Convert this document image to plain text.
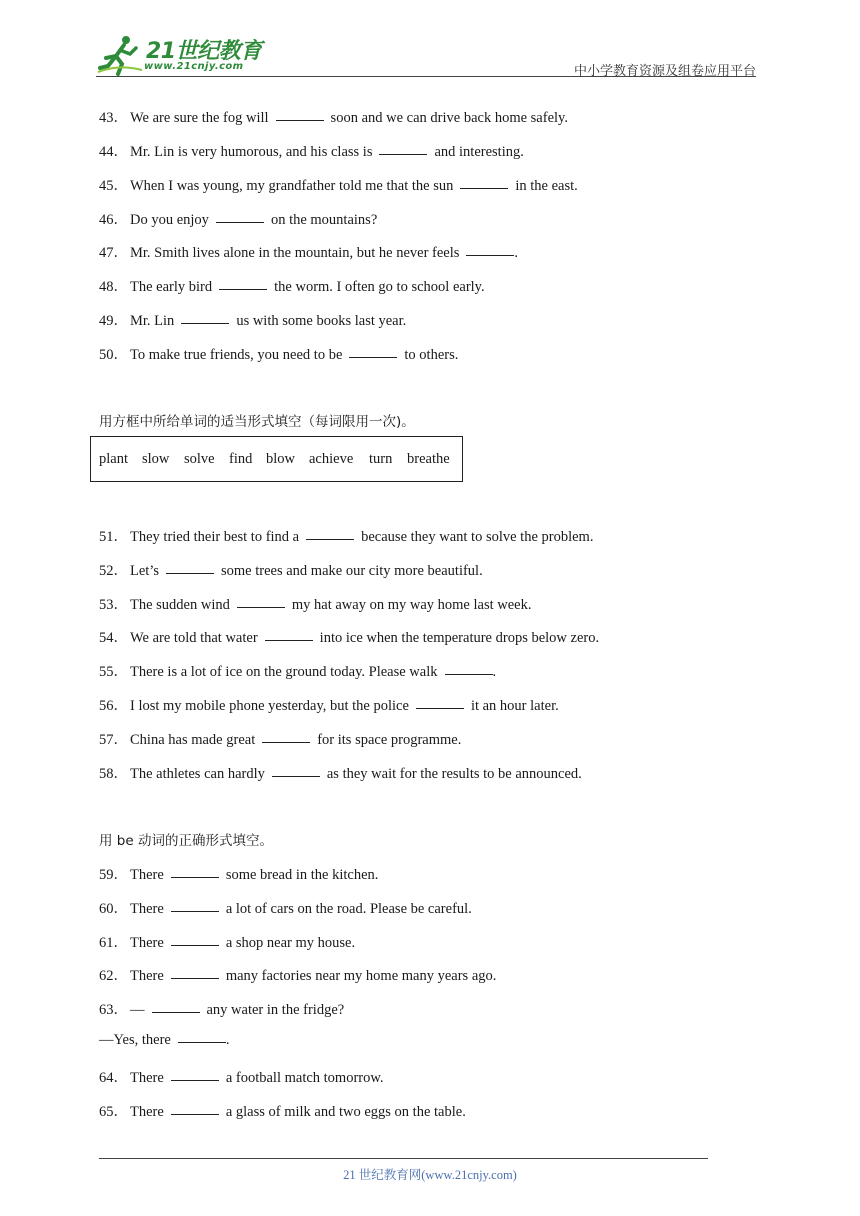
21世纪教育
www.21cnjy.com	中小学教育资源及组卷应用平台
43． We are sure the fog will	soon and we can drive back home safely.
44． Mr. Lin is very humorous, and his class is	and interesting.
45． When I was young, my grandfather told me that the sun	in the east.
46． Do you enjoy	on the mountains?
47． Mr. Smith lives alone in the mountain, but he never feels	.
48． The early bird	the worm. I often go to school early.
49． Mr. Lin	us with some books last year.
50． To make true friends, you need to be	to others.
用方框中所给单词的适当形式填空（每词限用一次)。
plant slow solve find blow achieve turn breathe
51． They tried their best to find a	because they want to solve the problem.
52． Let’s	some trees and make our city more beautiful.
53． The sudden wind	my hat away on my way home last week.
54． We are told that water	into ice when the temperature drops below zero.
55． There is a lot of ice on the ground today. Please walk	.
56． I lost my mobile phone yesterday, but the police	it an hour later.
57． China has made great	for its space programme.
58． The athletes can hardly	as they wait for the results to be announced.
用 be 动词的正确形式填空。
59． There	some bread in the kitchen.
60． There	a lot of cars on the road. Please be careful.
61． There	a shop near my house.
62． There	many factories near my home many years ago.
63． —	any water in the fridge?
—Yes, there	.
64． There	a football match tomorrow.
65． There	a glass of milk and two eggs on the table.
21 世纪教育网(www.21cnjy.com)
